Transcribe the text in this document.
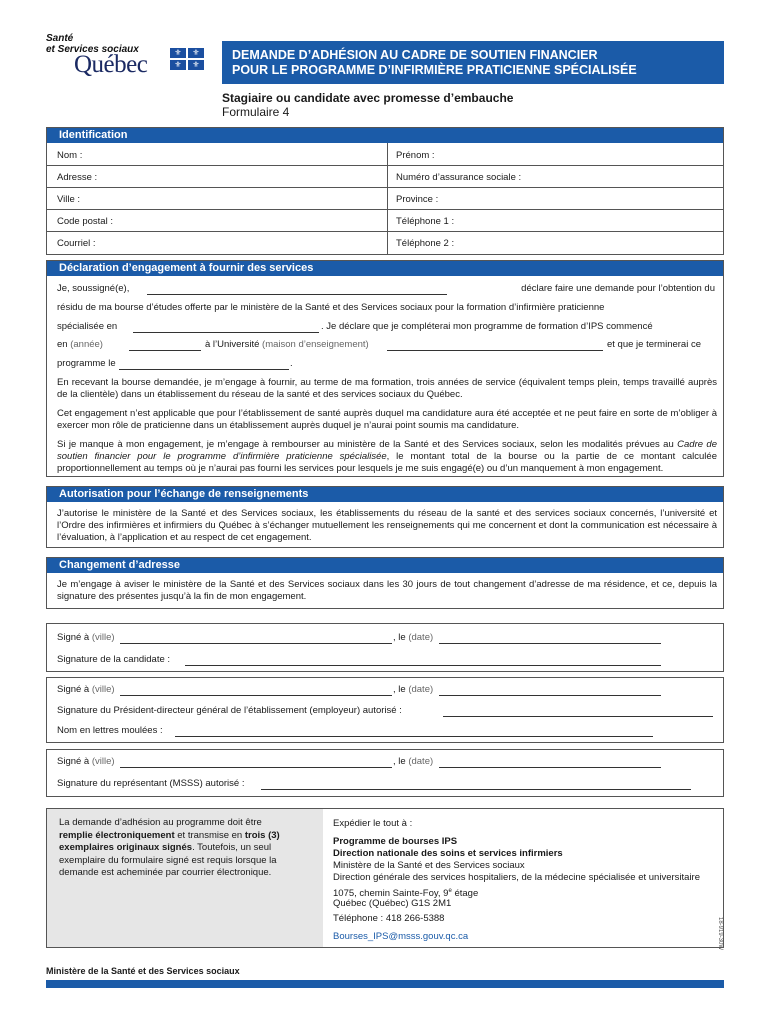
Santé
et Services sociaux
Québec	⚜	⚜
⚜	⚜
DEMANDE D’ADHÉSION AU CADRE DE SOUTIEN FINANCIER
POUR LE PROGRAMME D’INFIRMIÈRE PRATICIENNE SPÉCIALISÉE
Stagiaire ou candidate avec promesse d’embauche
Formulaire 4
Identification
Nom :	Prénom :
Adresse :	Numéro d’assurance sociale :
Ville :	Province :
Code postal :	Téléphone 1 :
Courriel :	Téléphone 2 :
Déclaration d’engagement à fournir des services
Je, soussigné(e),	déclare faire une demande pour l’obtention du
résidu de ma bourse d’études offerte par le ministère de la Santé et des Services sociaux pour la formation d’infirmière praticienne
spécialisée en	. Je déclare que je compléterai mon programme de formation d’IPS commencé
en (année)	à l’Université (maison d’enseignement)	et que je terminerai ce
programme le	.
En recevant la bourse demandée, je m’engage à fournir, au terme de ma formation, trois années de service (équivalent temps plein, temps travaillé auprès de la clientèle) dans un établissement du réseau de la santé et des services sociaux du Québec.
Cet engagement n’est applicable que pour l’établissement de santé auprès duquel ma candidature aura été acceptée et ne peut faire en sorte de m’obliger à exercer mon rôle de praticienne dans un établissement auprès duquel je n’aurai point soumis ma candidature.
Si je manque à mon engagement, je m’engage à rembourser au ministère de la Santé et des Services sociaux, selon les modalités prévues au Cadre de soutien financier pour le programme d’infirmière praticienne spécialisée, le montant total de la bourse ou la partie de ce montant calculée proportionnellement au temps où je n’aurai pas fourni les services pour lesquels je me suis engagé(e) ou d’un manquement à mon engagement.
Autorisation pour l’échange de renseignements
J’autorise le ministère de la Santé et des Services sociaux, les établissements du réseau de la santé et des services sociaux concernés, l’université et l’Ordre des infirmières et infirmiers du Québec à s’échanger mutuellement les renseignements qui me concernent et dont la communication est nécessaire à l’évaluation, à l’application et au respect de cet engagement.
Changement d’adresse
Je m’engage à aviser le ministère de la Santé et des Services sociaux dans les 30 jours de tout changement d’adresse de ma résidence, et ce, depuis la signature des présentes jusqu’à la fin de mon engagement.
Signé à (ville)	, le (date)
Signature de la candidate :
Signé à (ville)	, le (date)
Signature du Président-directeur général de l’établissement (employeur) autorisé :
Nom en lettres moulées :
Signé à (ville)	, le (date)
Signature du représentant (MSSS) autorisé :
La demande d’adhésion au programme doit être remplie électroniquement et transmise en trois (3) exemplaires originaux signés. Toutefois, un seul exemplaire du formulaire signé est requis lorsque la demande est acheminée par courrier électronique.
Expédier le tout à :
Programme de bourses IPS
Direction nationale des soins et services infirmiers
Ministère de la Santé et des Services sociaux
Direction générale des services hospitaliers, de la médecine spécialisée et universitaire
1075, chemin Sainte-Foy, 9e étage
Québec (Québec) G1S 2M1
Téléphone : 418 266-5388
Bourses_IPS@msss.gouv.qc.ca	18-919-30W
Ministère de la Santé et des Services sociaux
